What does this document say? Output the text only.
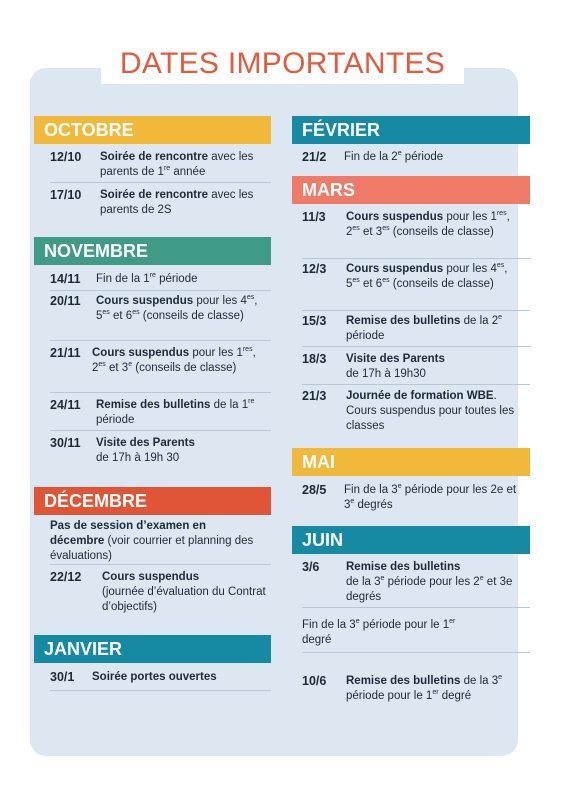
DATES IMPORTANTES
OCTOBRE
12/10	Soirée de rencontre avec les parents de 1re année
17/10	Soirée de rencontre avec les parents de 2S
NOVEMBRE
14/11	Fin de la 1re période
20/11	Cours suspendus pour les $4^{es}$, $5^{es}$ et $6^{es}$ (conseils de classe)
21/11 Cours suspendus pour les 1res, $2^{es}$ et 3e (conseils de classe)
24/11	Remise des bulletins de la 1re période
30/11	Visite des Parents
de 17h à 19h 30
DÉCEMBRE
Pas de session d’examen en décembre (voir courrier et planning des évaluations)
22/12	Cours suspendus
(journée d’évaluation du Contrat d’objectifs)
JANVIER
30/1	Soirée portes ouvertes
FÉVRIER
21/2	Fin de la 2e période
MARS
11/3	Cours suspendus pour les 1res, $2^{es}$ et $3^{es}$ (conseils de classe)
12/3	Cours suspendus pour les $4^{es}$, $5^{es}$ et $6^{es}$ (conseils de classe)
15/3	Remise des bulletins de la 2e période
18/3	Visite des Parents
de 17h à 19h30
21/3	Journée de formation WBE. Cours suspendus pour toutes les classes
MAI
28/5	Fin de la 3e période pour les 2e et 3e degrés
JUIN
3/6	Remise des bulletins
de la 3e période pour les 2e et 3e degrés
Fin de la 3e période pour le 1er degré
10/6	Remise des bulletins de la 3e période pour le 1er degré
